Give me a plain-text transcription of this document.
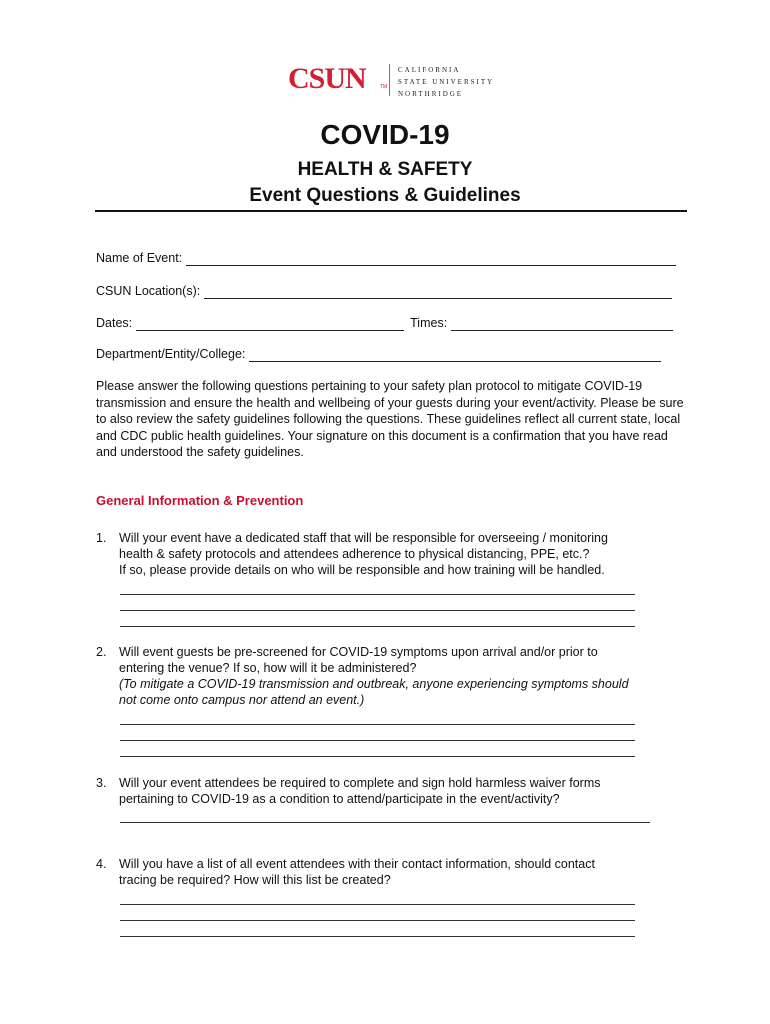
CSUN	TM
CALIFORNIA
STATE UNIVERSITY
NORTHRIDGE
COVID-19
HEALTH & SAFETY
Event Questions & Guidelines
Name of Event:
CSUN Location(s):
Dates:	Times:
Department/Entity/College:
Please answer the following questions pertaining to your safety plan protocol to mitigate COVID-19 transmission and ensure the health and wellbeing of your guests during your event/activity. Please be sure to also review the safety guidelines following the questions. These guidelines reflect all current state, local and CDC public health guidelines. Your signature on this document is a confirmation that you have read and understood the safety guidelines.
General Information & Prevention
1. Will your event have a dedicated staff that will be responsible for overseeing / monitoring
health & safety protocols and attendees adherence to physical distancing, PPE, etc.?
If so, please provide details on who will be responsible and how training will be handled.
2. Will event guests be pre-screened for COVID-19 symptoms upon arrival and/or prior to
entering the venue? If so, how will it be administered?
(To mitigate a COVID-19 transmission and outbreak, anyone experiencing symptoms should
not come onto campus nor attend an event.)
3. Will your event attendees be required to complete and sign hold harmless waiver forms
pertaining to COVID-19 as a condition to attend/participate in the event/activity?
4. Will you have a list of all event attendees with their contact information, should contact
tracing be required? How will this list be created?
